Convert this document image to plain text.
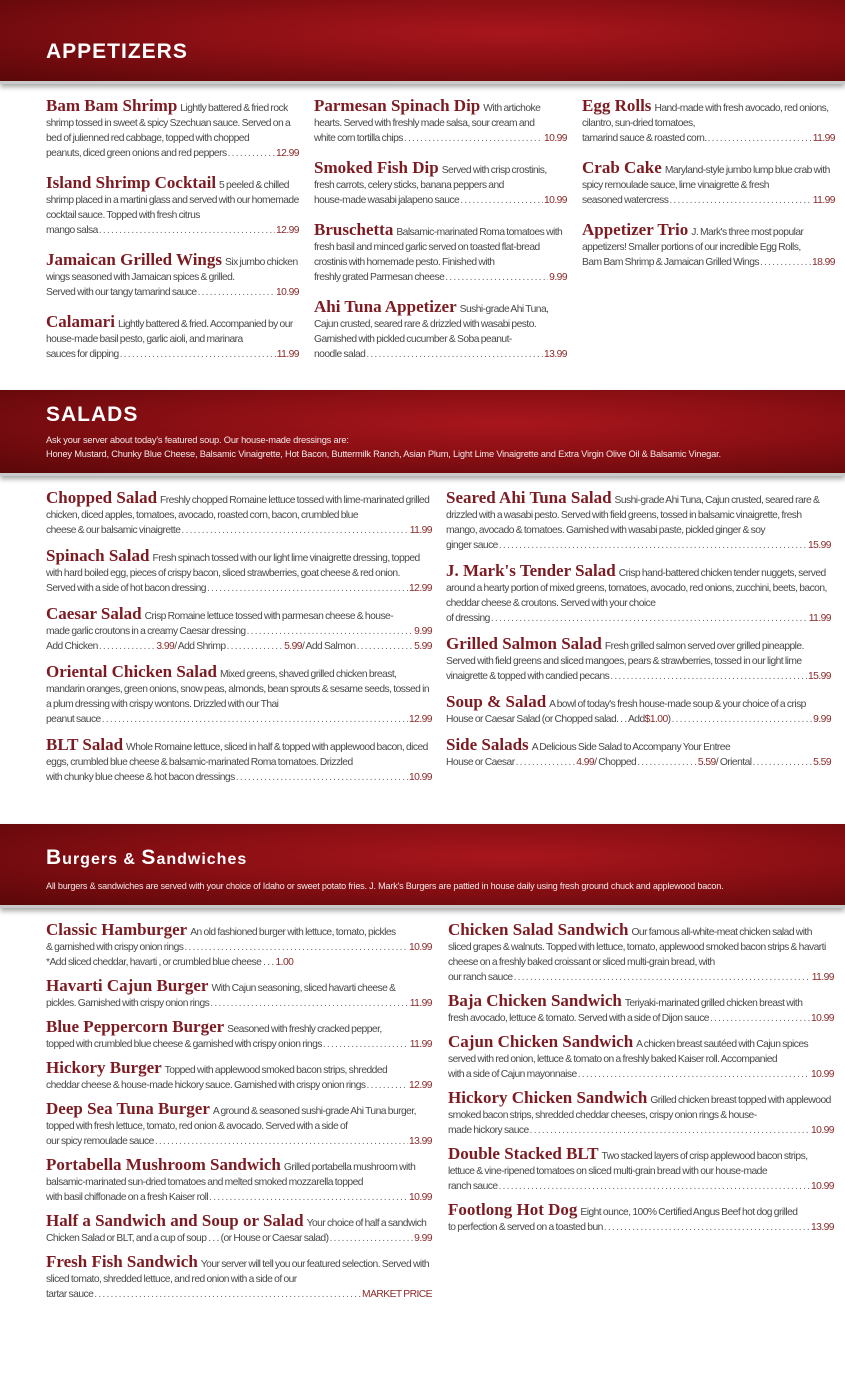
APPETIZERS
Bam Bam Shrimp Lightly battered & fried rock shrimp tossed in sweet & spicy Szechuan sauce. Served on a bed of julienned red cabbage, topped with chopped
peanuts, diced green onions and red peppers .....	12.99
Island Shrimp Cocktail 5 peeled & chilled shrimp placed in a martini glass and served with our homemade cocktail sauce. Topped with fresh citrus
mango salsa .....	12.99
Jamaican Grilled Wings Six jumbo chicken wings seasoned with Jamaican spices & grilled.
Served with our tangy tamarind sauce .....	10.99
Calamari Lightly battered & fried. Accompanied by our house-made basil pesto, garlic aioli, and marinara
sauces for dipping .....	11.99
Parmesan Spinach Dip With artichoke hearts. Served with freshly made salsa, sour cream and
white corn tortilla chips .....	10.99
Smoked Fish Dip Served with crisp crostinis, fresh carrots, celery sticks, banana peppers and
house-made wasabi jalapeno sauce .....	10.99
Bruschetta Balsamic-marinated Roma tomatoes with fresh basil and minced garlic served on toasted flat-bread crostinis with homemade pesto. Finished with
freshly grated Parmesan cheese .....	9.99
Ahi Tuna Appetizer Sushi-grade Ahi Tuna, Cajun crusted, seared rare & drizzled with wasabi pesto. Garnished with pickled cucumber & Soba peanut-
noodle salad .....	13.99
Egg Rolls Hand-made with fresh avocado, red onions, cilantro, sun-dried tomatoes,
tamarind sauce & roasted corn. .....	11.99
Crab Cake Maryland-style jumbo lump blue crab with spicy remoulade sauce, lime vinaigrette & fresh
seasoned watercress .....	11.99
Appetizer Trio J. Mark's three most popular appetizers! Smaller portions of our incredible Egg Rolls,
Bam Bam Shrimp & Jamaican Grilled Wings .....	18.99
SALADS
Ask your server about today's featured soup. Our house-made dressings are:
Honey Mustard, Chunky Blue Cheese, Balsamic Vinaigrette, Hot Bacon, Buttermilk Ranch, Asian Plum, Light Lime Vinaigrette and Extra Virgin Olive Oil & Balsamic Vinegar.
Chopped Salad Freshly chopped Romaine lettuce tossed with lime-marinated grilled chicken, diced apples, tomatoes, avocado, roasted corn, bacon, crumbled blue
cheese & our balsamic vinaigrette .....	11.99
Spinach Salad Fresh spinach tossed with our light lime vinaigrette dressing, topped with hard boiled egg, pieces of crispy bacon, sliced strawberries, goat cheese & red onion.
Served with a side of hot bacon dressing .....	12.99
Caesar Salad Crisp Romaine lettuce tossed with parmesan cheese & house-
made garlic croutons in a creamy Caesar dressing .....	9.99
Add Chicken .....	3.99 / Add Shrimp .....	5.99 / Add Salmon .....	5.99
Oriental Chicken Salad Mixed greens, shaved grilled chicken breast, mandarin oranges, green onions, snow peas, almonds, bean sprouts & sesame seeds, tossed in a plum dressing with crispy wontons. Drizzled with our Thai
peanut sauce .....	12.99
BLT Salad Whole Romaine lettuce, sliced in half & topped with applewood bacon, diced eggs, crumbled blue cheese & balsamic-marinated Roma tomatoes. Drizzled
with chunky blue cheese & hot bacon dressings .....	10.99
Seared Ahi Tuna Salad Sushi-grade Ahi Tuna, Cajun crusted, seared rare & drizzled with a wasabi pesto. Served with field greens, tossed in balsamic vinaigrette, fresh mango, avocado & tomatoes. Garnished with wasabi paste, pickled ginger & soy
ginger sauce .....	15.99
J. Mark's Tender Salad Crisp hand-battered chicken tender nuggets, served around a hearty portion of mixed greens, tomatoes, avocado, red onions, zucchini, beets, bacon, cheddar cheese & croutons. Served with your choice
of dressing .....	11.99
Grilled Salmon Salad Fresh grilled salmon served over grilled pineapple. Served with field greens and sliced mangoes, pears & strawberries, tossed in our light lime
vinaigrette & topped with candied pecans .....	15.99
Soup & Salad A bowl of today's fresh house-made soup & your choice of a crisp
House or Caesar Salad (or Chopped salad. . . Add $1.00 ) .....	9.99
Side Salads A Delicious Side Salad to Accompany Your Entree
House or Caesar .....	4.99 / Chopped .....	5.59 / Oriental .....	5.59
Burgers & Sandwiches
All burgers & sandwiches are served with your choice of Idaho or sweet potato fries. J. Mark's Burgers are pattied in house daily using fresh ground chuck and applewood bacon.
Classic Hamburger An old fashioned burger with lettuce, tomato, pickles
& garnished with crispy onion rings .....	10.99
*Add sliced cheddar, havarti , or crumbled blue cheese . . . 1.00
Havarti Cajun Burger With Cajun seasoning, sliced havarti cheese &
pickles. Garnished with crispy onion rings .....	11.99
Blue Peppercorn Burger Seasoned with freshly cracked pepper,
topped with crumbled blue cheese & garnished with crispy onion rings .....	11.99
Hickory Burger Topped with applewood smoked bacon strips, shredded
cheddar cheese & house-made hickory sauce. Garnished with crispy onion rings .....	12.99
Deep Sea Tuna Burger A ground & seasoned sushi-grade Ahi Tuna burger, topped with fresh lettuce, tomato, red onion & avocado. Served with a side of
our spicy remoulade sauce .....	13.99
Portabella Mushroom Sandwich Grilled portabella mushroom with balsamic-marinated sun-dried tomatoes and melted smoked mozzarella topped
with basil chiffonade on a fresh Kaiser roll .....	10.99
Half a Sandwich and Soup or Salad Your choice of half a sandwich
Chicken Salad or BLT, and a cup of soup . . . (or House or Caesar salad) .....	9.99
Fresh Fish Sandwich Your server will tell you our featured selection. Served with sliced tomato, shredded lettuce, and red onion with a side of our
tartar sauce .....	MARKET PRICE
Chicken Salad Sandwich Our famous all-white-meat chicken salad with sliced grapes & walnuts. Topped with lettuce, tomato, applewood smoked bacon strips & havarti cheese on a freshly baked croissant or sliced multi-grain bread, with
our ranch sauce .....	11.99
Baja Chicken Sandwich Teriyaki-marinated grilled chicken breast with
fresh avocado, lettuce & tomato. Served with a side of Dijon sauce .....	10.99
Cajun Chicken Sandwich A chicken breast sautéed with Cajun spices served with red onion, lettuce & tomato on a freshly baked Kaiser roll. Accompanied
with a side of Cajun mayonnaise .....	10.99
Hickory Chicken Sandwich Grilled chicken breast topped with applewood smoked bacon strips, shredded cheddar cheeses, crispy onion rings & house-
made hickory sauce .....	10.99
Double Stacked BLT Two stacked layers of crisp applewood bacon strips, lettuce & vine-ripened tomatoes on sliced multi-grain bread with our house-made
ranch sauce .....	10.99
Footlong Hot Dog Eight ounce, 100% Certified Angus Beef hot dog grilled
to perfection & served on a toasted bun .....	13.99
